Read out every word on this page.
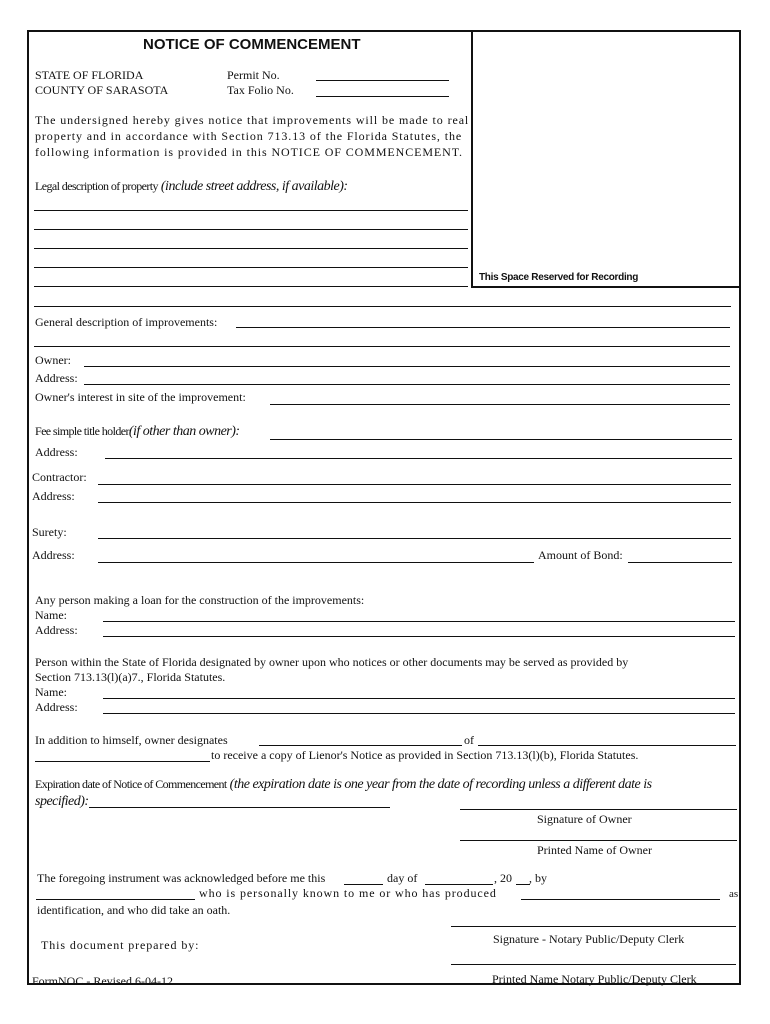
NOTICE OF COMMENCEMENT
STATE OF FLORIDA
COUNTY OF SARASOTA
Permit No.
Tax Folio No.
The undersigned hereby gives notice that improvements will be made to real
property and in accordance with Section 713.13 of the Florida Statutes, the
following information is provided in this NOTICE OF COMMENCEMENT.
Legal description of property (include street address, if available):
This Space Reserved for Recording
General description of improvements:
Owner:
Address:
Owner's interest in site of the improvement:
Fee simple title holder(if other than owner):
Address:
Contractor:
Address:
Surety:
Address:	Amount of Bond:
Any person making a loan for the construction of the improvements:
Name:
Address:
Person within the State of Florida designated by owner upon who notices or other documents may be served as provided by
Section 713.13(l)(a)7., Florida Statutes.
Name:
Address:
In addition to himself, owner designates	of
to receive a copy of Lienor's Notice as provided in Section 713.13(l)(b), Florida Statutes.
Expiration date of Notice of Commencement (the expiration date is one year from the date of recording unless a different date is
specified):
Signature of Owner
Printed Name of Owner
The foregoing instrument was acknowledged before me this	day of	, 20 , by
who is personally known to me or who has produced	as
identification, and who did take an oath.
Signature - Notary Public/Deputy Clerk
This document prepared by:
Printed Name Notary Public/Deputy Clerk
FormNOC - Revised 6-04-12
